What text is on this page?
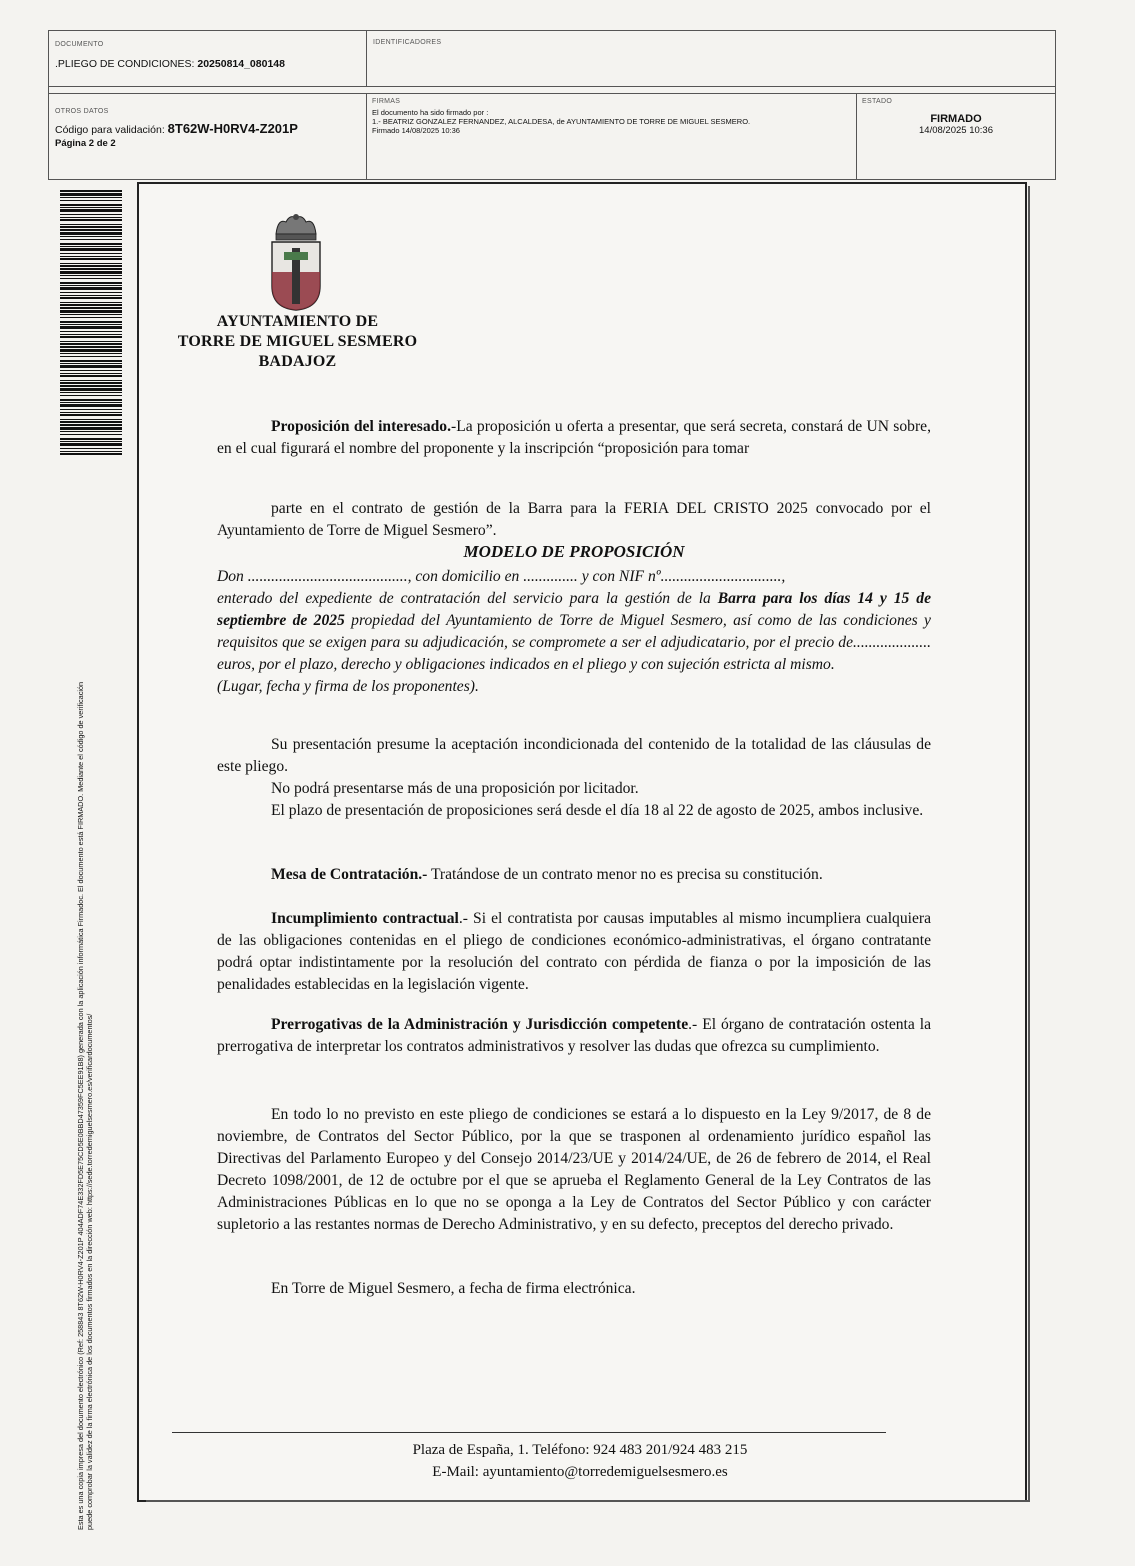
DOCUMENTO
.PLIEGO DE CONDICIONES: 20250814_080148
IDENTIFICADORES
OTROS DATOS
Código para validación: 8T62W-H0RV4-Z201P
Página 2 de 2
FIRMAS
El documento ha sido firmado por :
1.- BEATRIZ GONZALEZ FERNANDEZ, ALCALDESA, de AYUNTAMIENTO DE TORRE DE MIGUEL SESMERO.
Firmado 14/08/2025 10:36
ESTADO
FIRMADO
14/08/2025 10:36
Esta es una copia impresa del documento electrónico (Ref: 258843 8T62W-H0RV4-Z201P 404ADF74E332FD5E75CD5E0BBD47359FC5EE91B8) generada con la aplicación informática Firmadoc. El documento está FIRMADO. Mediante el código de verificación puede comprobar la validez de la firma electrónica de los documentos firmados en la dirección web: https://sede.torredemiguelsesmero.es/verificardocumentos/
AYUNTAMIENTO DE
TORRE DE MIGUEL SESMERO
BADAJOZ
Proposición del interesado.-La proposición u oferta a presentar, que será secreta, constará de UN sobre, en el cual figurará el nombre del proponente y la inscripción “proposición para tomar
parte en el contrato de gestión de la Barra para la FERIA DEL CRISTO 2025 convocado por el Ayuntamiento de Torre de Miguel Sesmero”.
MODELO DE PROPOSICIÓN
Don ........................................., con domicilio en .............. y con NIF nº...............................,
enterado del expediente de contratación del servicio para la gestión de la Barra para los días 14 y 15 de septiembre de 2025 propiedad del Ayuntamiento de Torre de Miguel Sesmero, así como de las condiciones y requisitos que se exigen para su adjudicación, se compromete a ser el adjudicatario, por el precio de.................... euros, por el plazo, derecho y obligaciones indicados en el pliego y con sujeción estricta al mismo.
(Lugar, fecha y firma de los proponentes).
Su presentación presume la aceptación incondicionada del contenido de la totalidad de las cláusulas de este pliego.
No podrá presentarse más de una proposición por licitador.
El plazo de presentación de proposiciones será desde el día 18 al 22 de agosto de 2025, ambos inclusive.
Mesa de Contratación.- Tratándose de un contrato menor no es precisa su constitución.
Incumplimiento contractual.- Si el contratista por causas imputables al mismo incumpliera cualquiera de las obligaciones contenidas en el pliego de condiciones económico-administrativas, el órgano contratante podrá optar indistintamente por la resolución del contrato con pérdida de fianza o por la imposición de las penalidades establecidas en la legislación vigente.
Prerrogativas de la Administración y Jurisdicción competente.- El órgano de contratación ostenta la prerrogativa de interpretar los contratos administrativos y resolver las dudas que ofrezca su cumplimiento.
En todo lo no previsto en este pliego de condiciones se estará a lo dispuesto en la Ley 9/2017, de 8 de noviembre, de Contratos del Sector Público, por la que se trasponen al ordenamiento jurídico español las Directivas del Parlamento Europeo y del Consejo 2014/23/UE y 2014/24/UE, de 26 de febrero de 2014, el Real Decreto 1098/2001, de 12 de octubre por el que se aprueba el Reglamento General de la Ley Contratos de las Administraciones Públicas en lo que no se oponga a la Ley de Contratos del Sector Público y con carácter supletorio a las restantes normas de Derecho Administrativo, y en su defecto, preceptos del derecho privado.
En Torre de Miguel Sesmero, a fecha de firma electrónica.
Plaza de España, 1. Teléfono: 924 483 201/924 483 215
E-Mail: ayuntamiento@torredemiguelsesmero.es
